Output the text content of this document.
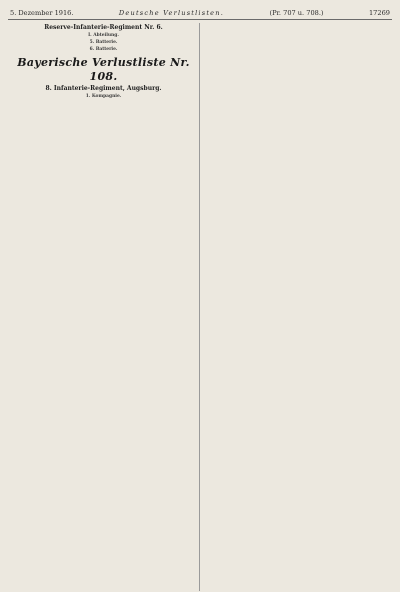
5. Dezember 1916.	Deutsche Verlustlisten.	(Pr. 707 u. 708.)	17269
Reserve-Infanterie-Regiment Nr. 6.
I. Abteilung.
5. Batterie.
6. Batterie.
Bayerische Verlustliste Nr. 108.
8. Infanterie-Regiment, Augsburg.
1. Kompagnie.
